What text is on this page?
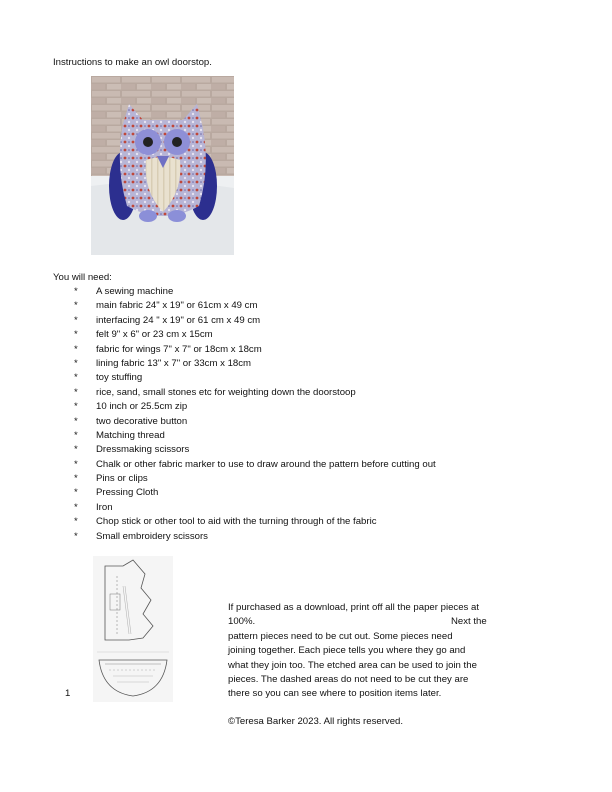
Instructions to make an owl doorstop.
You will need:
* A sewing machine
* main fabric 24" x 19" or 61cm x 49 cm
* interfacing 24 " x 19" or 61 cm x 49 cm
* felt 9" x 6" or 23 cm x 15cm
* fabric for wings 7" x 7" or 18cm x 18cm
* lining fabric 13" x 7" or 33cm x 18cm
* toy stuffing
* rice, sand, small stones etc for weighting down the doorstoop
* 10 inch or 25.5cm zip
* two decorative button
* Matching thread
* Dressmaking scissors
* Chalk or other fabric marker to use to draw around the pattern before cutting out
* Pins or clips
* Pressing Cloth
* Iron
* Chop stick or other tool to aid with the turning through of the fabric
* Small embroidery scissors
1
If purchased as a download, print off all the paper pieces at
100%.	Next the
pattern pieces need to be cut out. Some pieces need
joining together. Each piece tells you where they go and
what they join too. The etched area can be used to join the
pieces. The dashed areas do not need to be cut they are
there so you can see where to position items later.
©Teresa Barker 2023. All rights reserved.
